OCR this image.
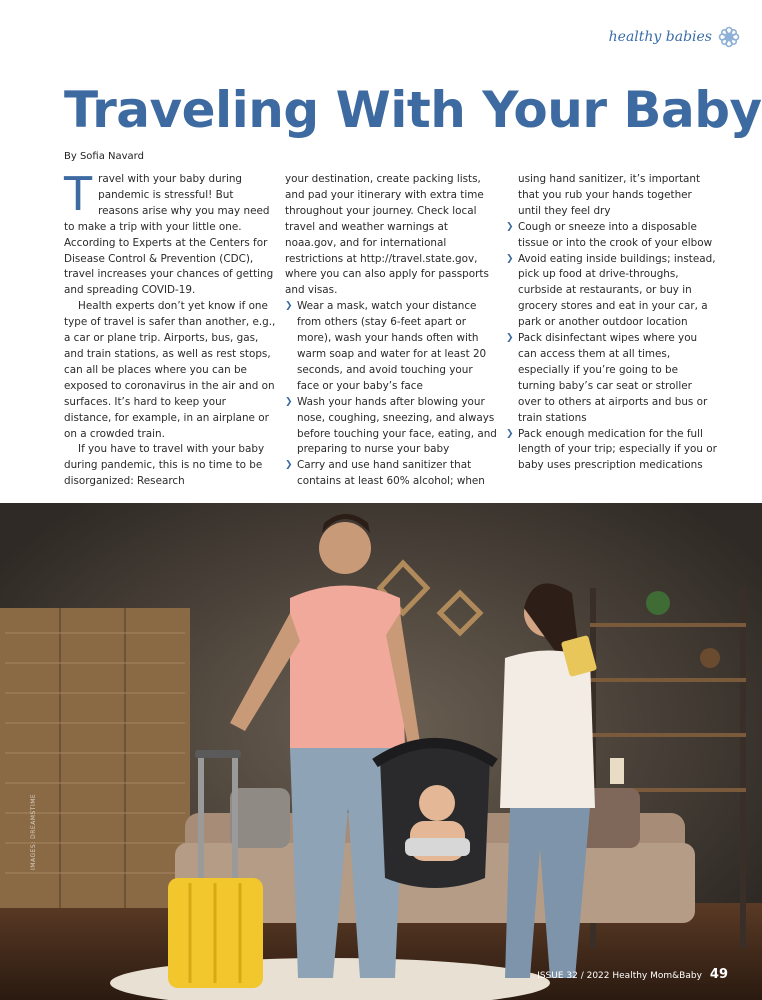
healthy babies
Traveling With Your Baby
By Sofia Navard

Travel with your baby during pandemic is stressful! But reasons arise why you may need to make a trip with your little one. According to Experts at the Centers for Disease Control & Prevention (CDC), travel increases your chances of getting and spreading COVID-19.

Health experts don’t yet know if one type of travel is safer than another, e.g., a car or plane trip. Airports, bus, gas, and train stations, as well as rest stops, can all be places where you can be exposed to coronavirus in the air and on surfaces. It’s hard to keep your distance, for example, in an airplane or on a crowded train.

If you have to travel with your baby during pandemic, this is no time to be disorganized: Research

your destination, create packing lists, and pad your itinerary with extra time throughout your journey. Check local travel and weather warnings at noaa.gov, and for international restrictions at http://travel.state.gov, where you can also apply for passports and visas.

❯ Wear a mask, watch your distance from others (stay 6-feet apart or more), wash your hands often with warm soap and water for at least 20 seconds, and avoid touching your face or your baby’s face
❯ Wash your hands after blowing your nose, coughing, sneezing, and always before touching your face, eating, and preparing to nurse your baby
❯ Carry and use hand sanitizer that contains at least 60% alcohol; when

using hand sanitizer, it’s important that you rub your hands together until they feel dry

❯ Cough or sneeze into a disposable tissue or into the crook of your elbow
❯ Avoid eating inside buildings; instead, pick up food at drive-throughs, curbside at restaurants, or buy in grocery stores and eat in your car, a park or another outdoor location
❯ Pack disinfectant wipes where you can access them at all times, especially if you’re going to be turning baby’s car seat or stroller over to others at airports and bus or train stations
❯ Pack enough medication for the full length of your trip; especially if you or baby uses prescription medications
IMAGES: DREAMSTIME
ISSUE 32 / 2022 Healthy Mom&Baby 49
